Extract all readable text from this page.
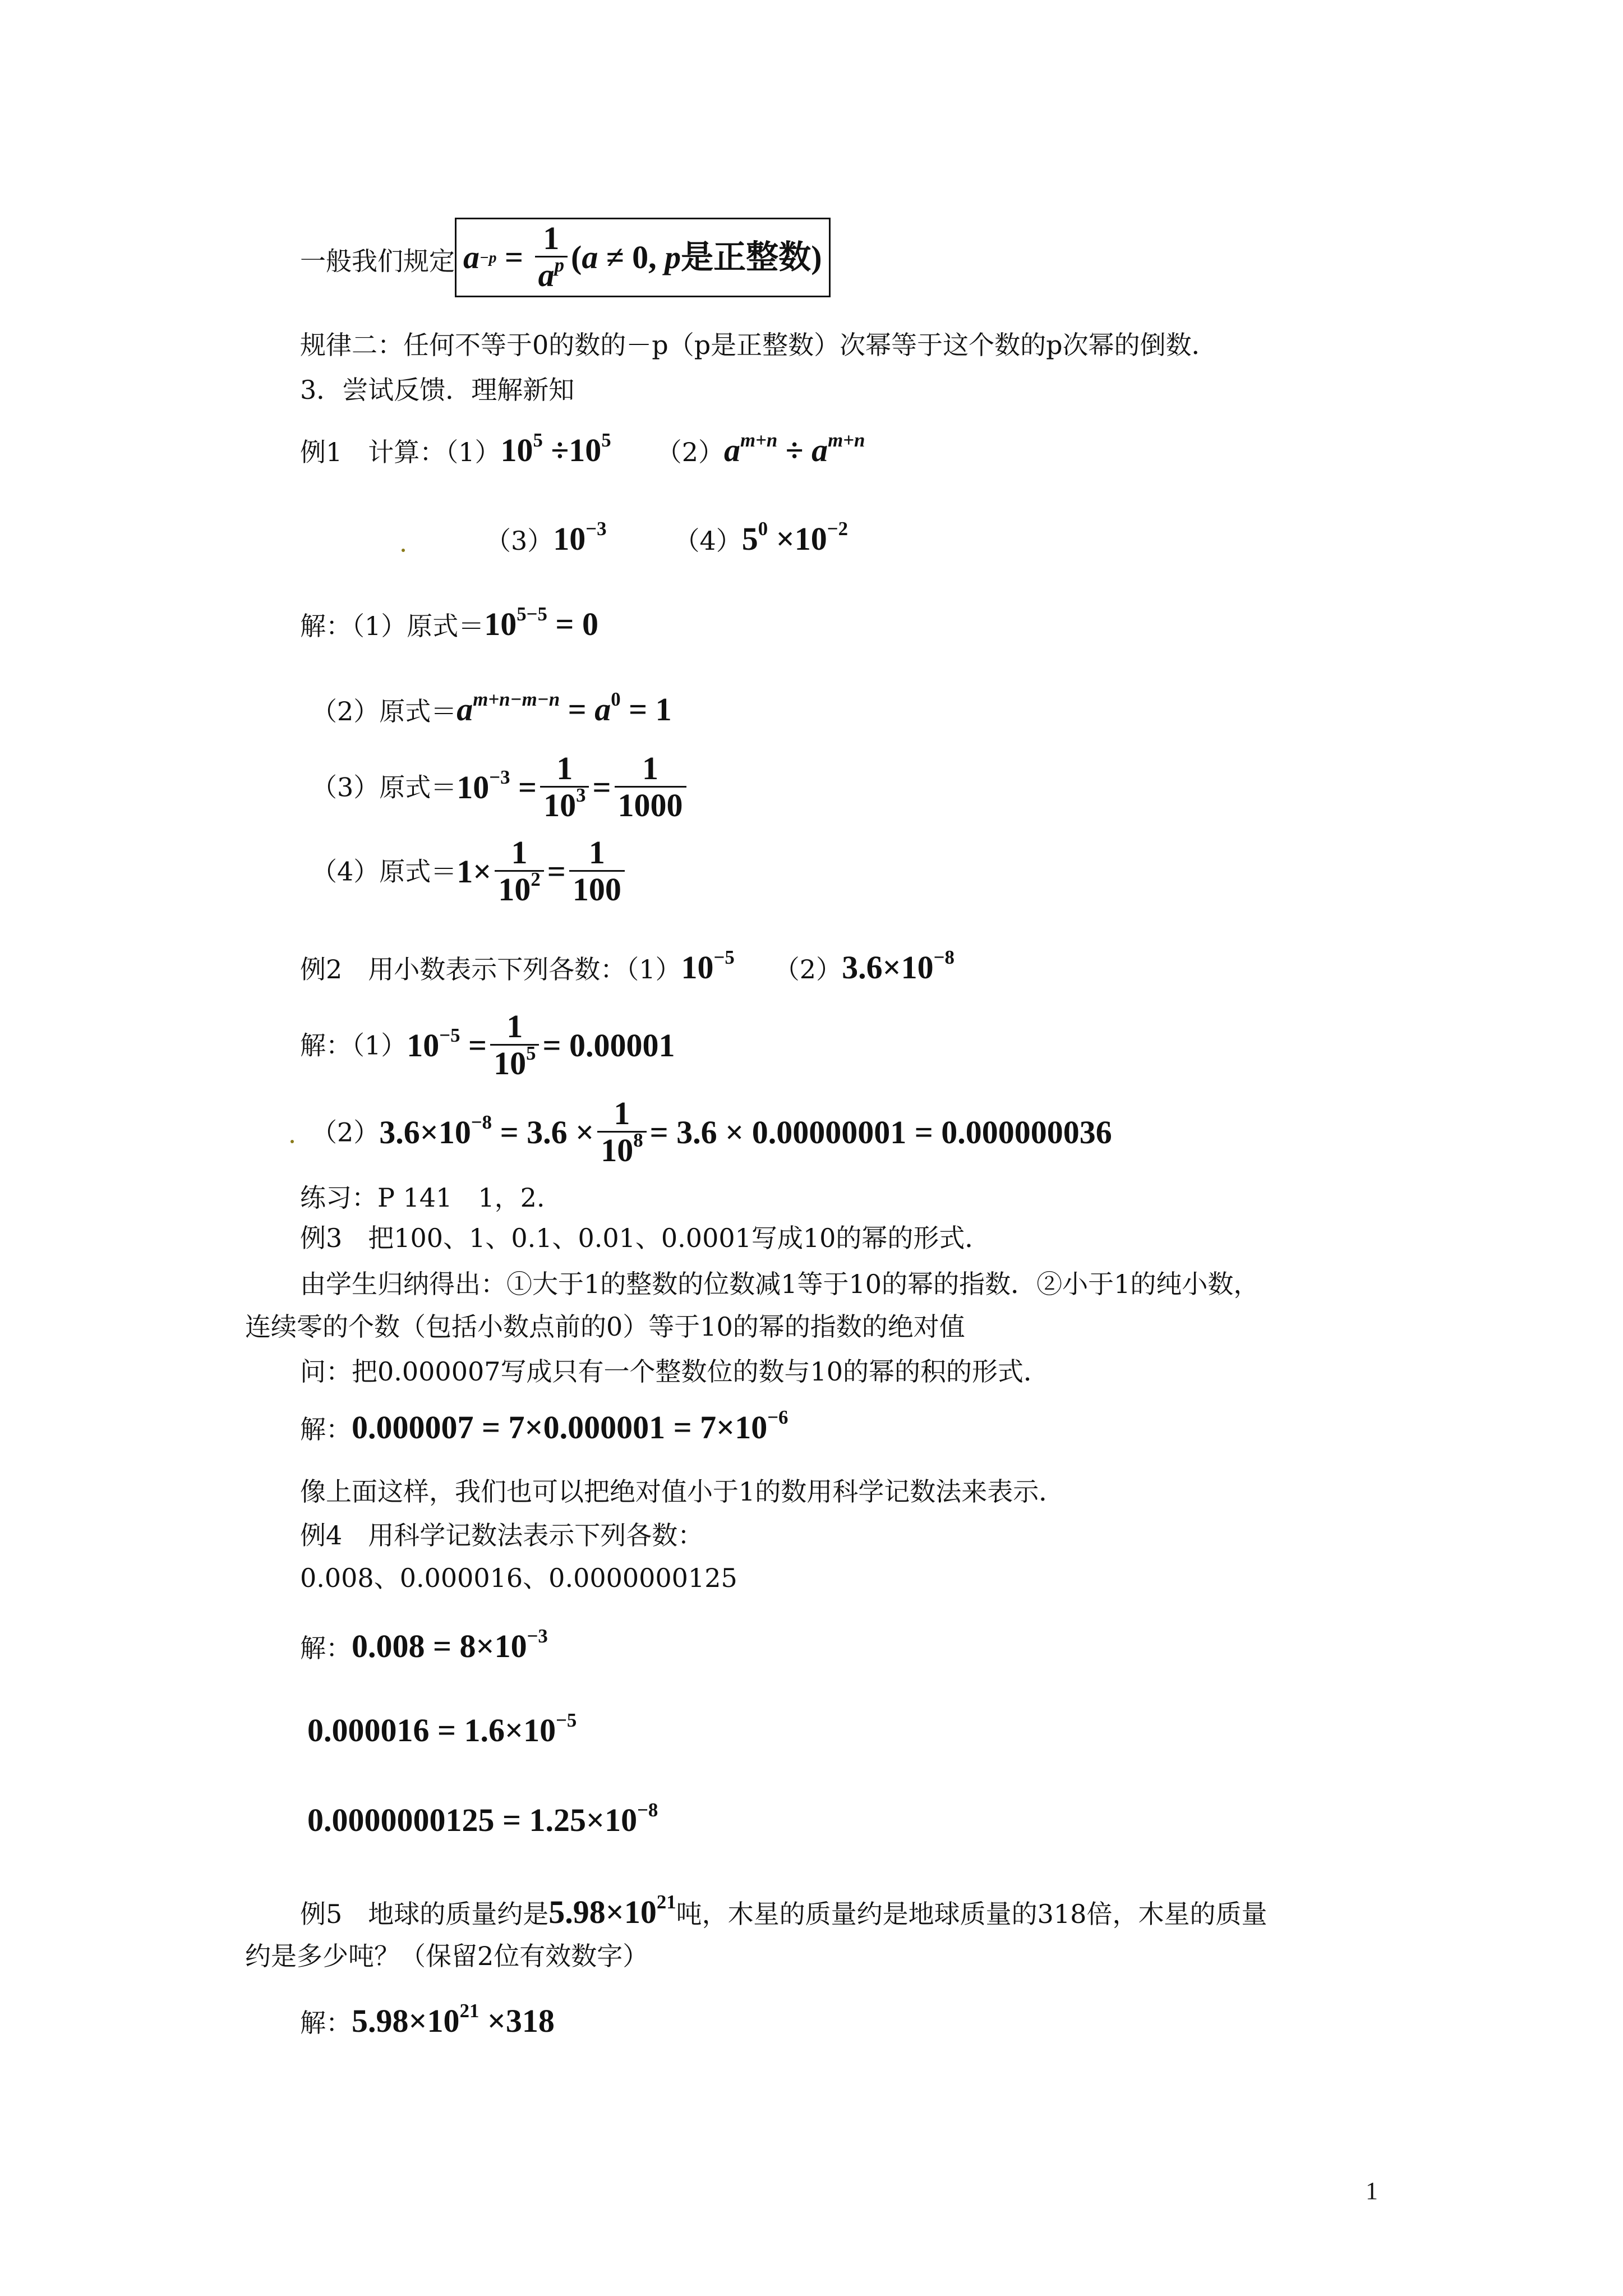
一般我们规定 $a -p = \frac{1}{a^p}$ ( a ≠ 0, p 是正整数 )
规律二：任何不等于0的数的－p（p是正整数）次幂等于这个数的p次幂的倒数．
3．尝试反馈．理解新知
例1　计算：$(1)10^5 \div 10^5$ $(2)a^{m+n} \div a^{m+n}$
$(3)10^{-3}$	$(4)5^0 \times 10^{-2}$
解：（1）原式$=10^{5-5} = 0$
（2）原式$=a^{m+n-m-n} = a^0 = 1$
（3）原式$=10^{-3} = \frac{1}{10^3} = \frac{1}{1000}$
（4）原式$=1\times \frac{1}{10^2} = \frac{1}{100}$
例2　用小数表示下列各数：$(1)10^{-5}$ $(2)3.6\times 10^{-8}$
解：$(1)10^{-5} = \frac{1}{10^5} = 0.00001$
$(2)3.6\times 10^{-8} = 3.6 \times \frac{1}{10^8} = 3.6 \times 0.00000001 = 0.000000036$
练习：P 141　1，2.
例3　把100、1、0.1、0.01、0.0001写成10的幂的形式．
由学生归纳得出：①大于1的整数的位数减1等于10的幂的指数．②小于1的纯小数，
连续零的个数（包括小数点前的0）等于10的幂的指数的绝对值
问：把0.000007写成只有一个整数位的数与10的幂的积的形式．
解：$0.000007 = 7\times 0.000001 = 7\times 10^{-6}$
像上面这样，我们也可以把绝对值小于1的数用科学记数法来表示．
例4　用科学记数法表示下列各数：
0.008、0.000016、0.0000000125
解：$0.008 = 8\times 10^{-3}$
$0.000016 = 1.6\times 10^{-5}$
$0.0000000125 = 1.25\times 10^{-8}$
例5　地球的质量约是$5.98\times 10^{21}$吨，木星的质量约是地球质量的318倍，木星的质量
约是多少吨？（保留2位有效数字）
解：$5.98\times 10^{21} \times 318$
1
